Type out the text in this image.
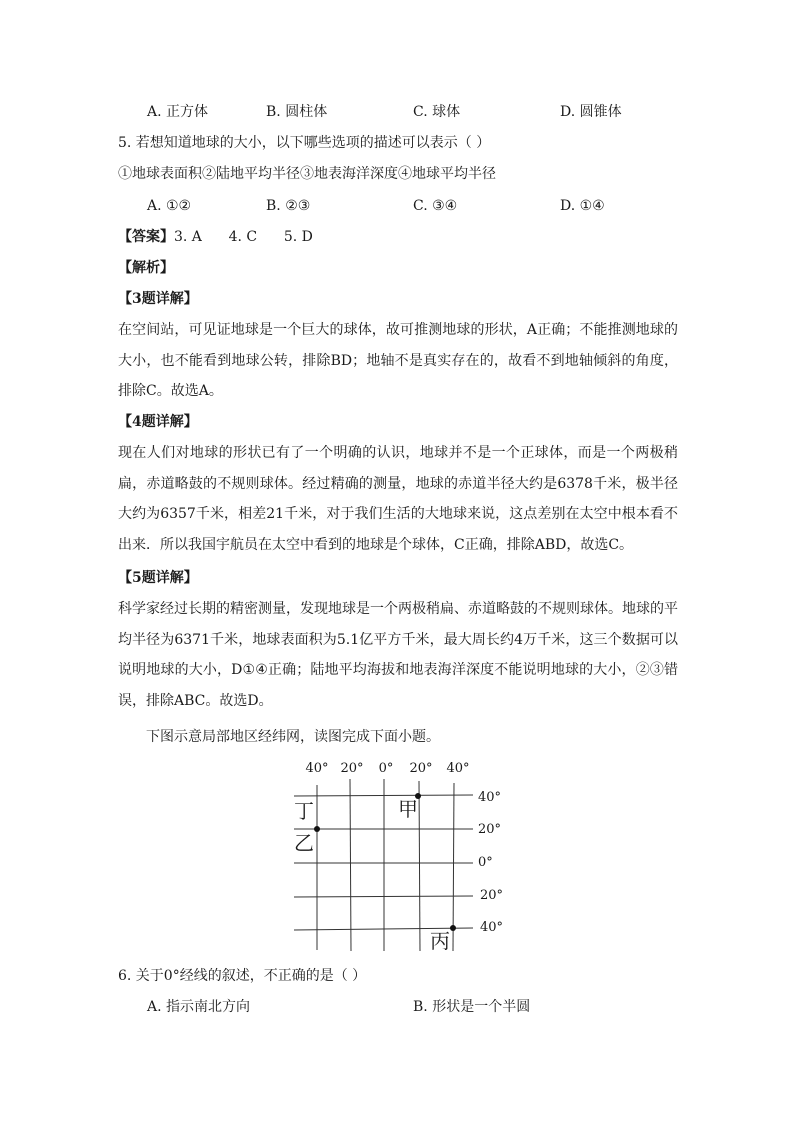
A. 正方体	B. 圆柱体	C. 球体	D. 圆锥体
5. 若想知道地球的大小，以下哪些选项的描述可以表示（ ）
①地球表面积②陆地平均半径③地表海洋深度④地球平均半径
A. ①②	B. ②③	C. ③④	D. ①④
【答案】3. A      4. C      5. D
【解析】
【3题详解】
在空间站，可见证地球是一个巨大的球体，故可推测地球的形状，A正确；不能推测地球的大小，也不能看到地球公转，排除BD；地轴不是真实存在的，故看不到地轴倾斜的角度，排除C。故选A。
【4题详解】
现在人们对地球的形状已有了一个明确的认识，地球并不是一个正球体，而是一个两极稍扁，赤道略鼓的不规则球体。经过精确的测量，地球的赤道半径大约是6378千米，极半径大约为6357千米，相差21千米，对于我们生活的大地球来说，这点差别在太空中根本看不出来．所以我国宇航员在太空中看到的地球是个球体，C正确，排除ABD，故选C。
【5题详解】
科学家经过长期的精密测量，发现地球是一个两极稍扁、赤道略鼓的不规则球体。地球的平均半径为6371千米，地球表面积为5.1亿平方千米，最大周长约4万千米，这三个数据可以说明地球的大小，D①④正确；陆地平均海拔和地表海洋深度不能说明地球的大小，②③错误，排除ABC。故选D。
下图示意局部地区经纬网，读图完成下面小题。
40° 20° 0° 20° 40°
40°
20°
0°
20°
40°
丁	甲
乙
丙
6. 关于0°经线的叙述，不正确的是（ ）
A. 指示南北方向	B. 形状是一个半圆
